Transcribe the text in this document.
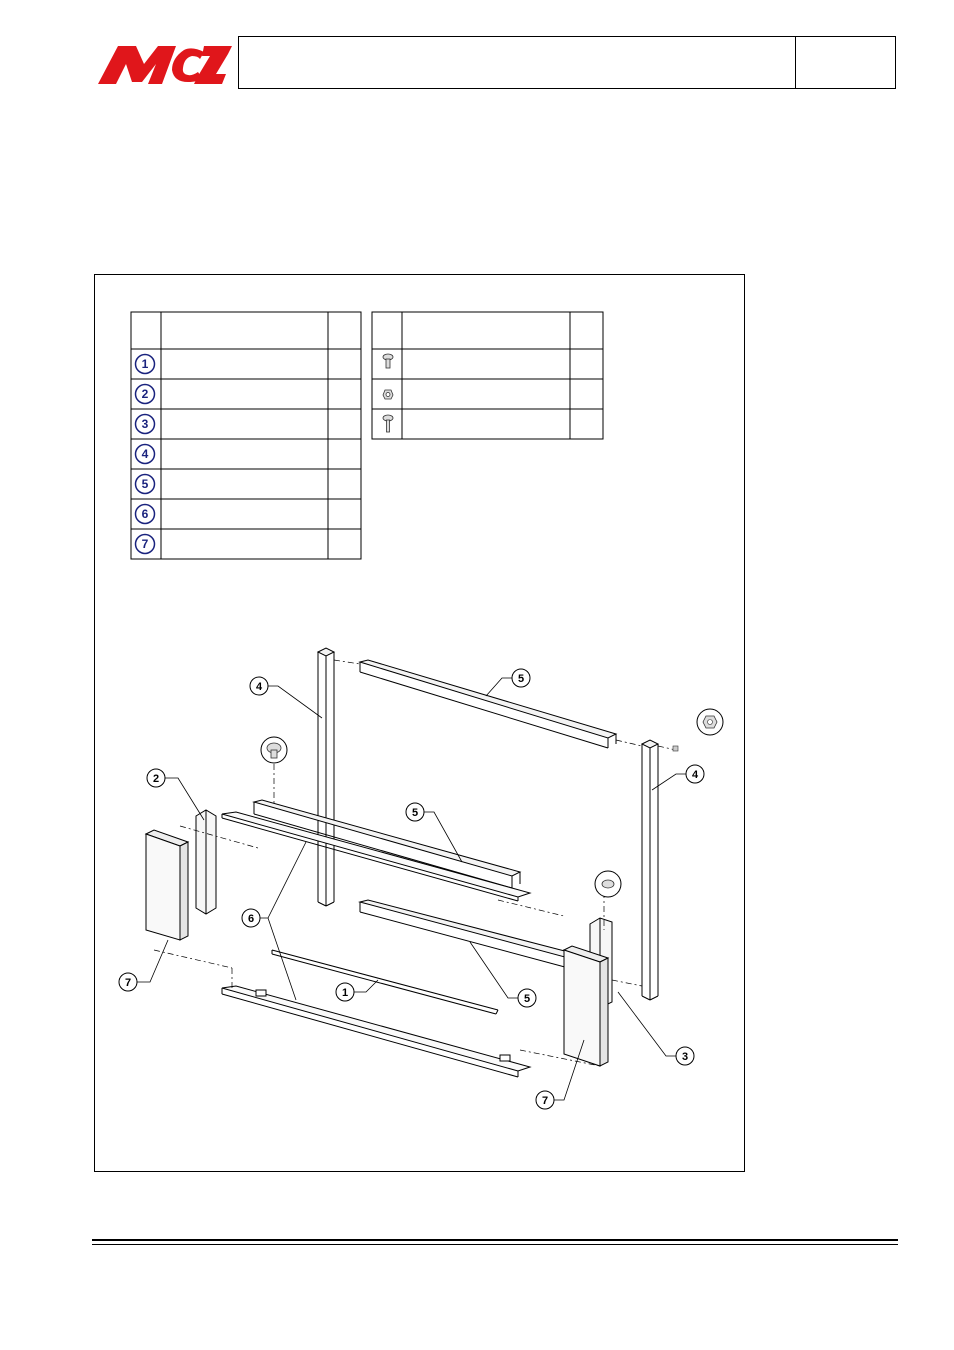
1
2
3
4
5
6
7
4
5
4
2
5
6
7
1	5
3
7
